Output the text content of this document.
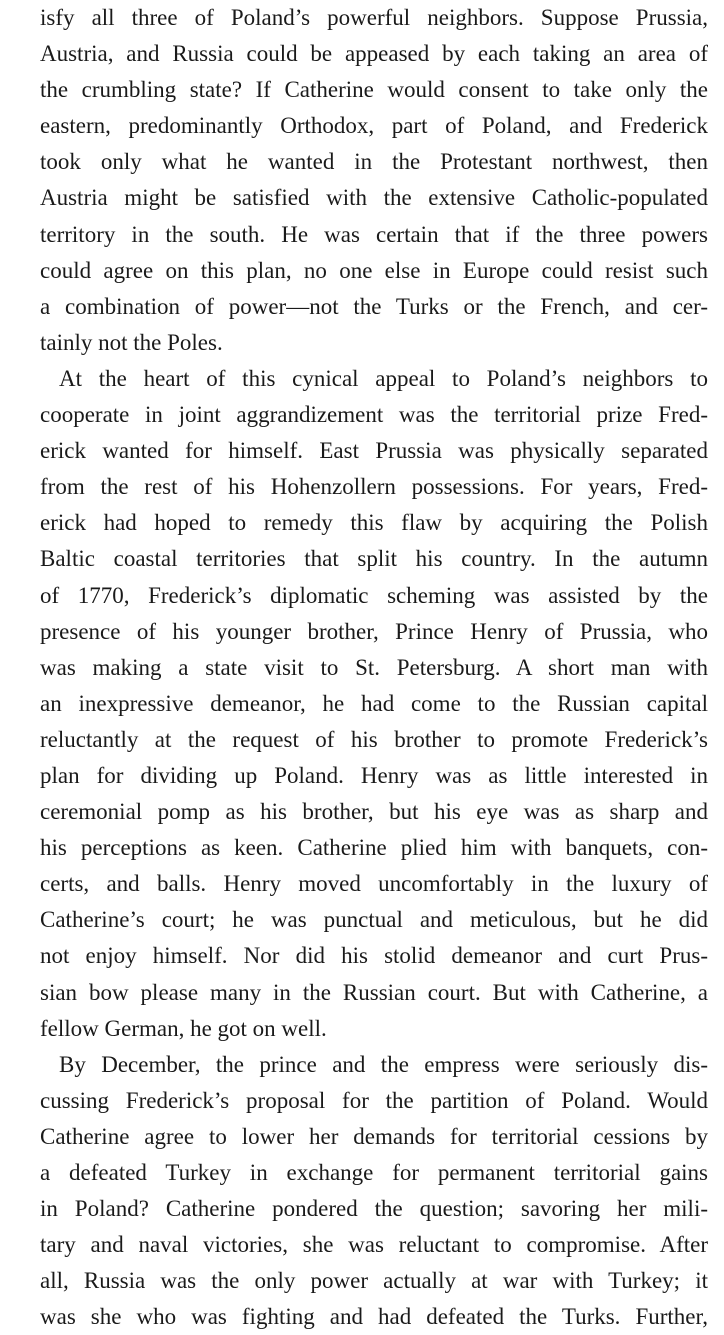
isfy all three of Poland’s powerful neighbors. Suppose Prussia,
Austria, and Russia could be appeased by each taking an area of
the crumbling state? If Catherine would consent to take only the
eastern, predominantly Orthodox, part of Poland, and Frederick
took only what he wanted in the Protestant northwest, then
Austria might be satisfied with the extensive Catholic-populated
territory in the south. He was certain that if the three powers
could agree on this plan, no one else in Europe could resist such
a combination of power—not the Turks or the French, and cer-
tainly not the Poles.
At the heart of this cynical appeal to Poland’s neighbors to
cooperate in joint aggrandizement was the territorial prize Fred-
erick wanted for himself. East Prussia was physically separated
from the rest of his Hohenzollern possessions. For years, Fred-
erick had hoped to remedy this flaw by acquiring the Polish
Baltic coastal territories that split his country. In the autumn
of 1770, Frederick’s diplomatic scheming was assisted by the
presence of his younger brother, Prince Henry of Prussia, who
was making a state visit to St. Petersburg. A short man with
an inexpressive demeanor, he had come to the Russian capital
reluctantly at the request of his brother to promote Frederick’s
plan for dividing up Poland. Henry was as little interested in
ceremonial pomp as his brother, but his eye was as sharp and
his perceptions as keen. Catherine plied him with banquets, con-
certs, and balls. Henry moved uncomfortably in the luxury of
Catherine’s court; he was punctual and meticulous, but he did
not enjoy himself. Nor did his stolid demeanor and curt Prus-
sian bow please many in the Russian court. But with Catherine, a
fellow German, he got on well.
By December, the prince and the empress were seriously dis-
cussing Frederick’s proposal for the partition of Poland. Would
Catherine agree to lower her demands for territorial cessions by
a defeated Turkey in exchange for permanent territorial gains
in Poland? Catherine pondered the question; savoring her mili-
tary and naval victories, she was reluctant to compromise. After
all, Russia was the only power actually at war with Turkey; it
was she who was fighting and had defeated the Turks. Further,
